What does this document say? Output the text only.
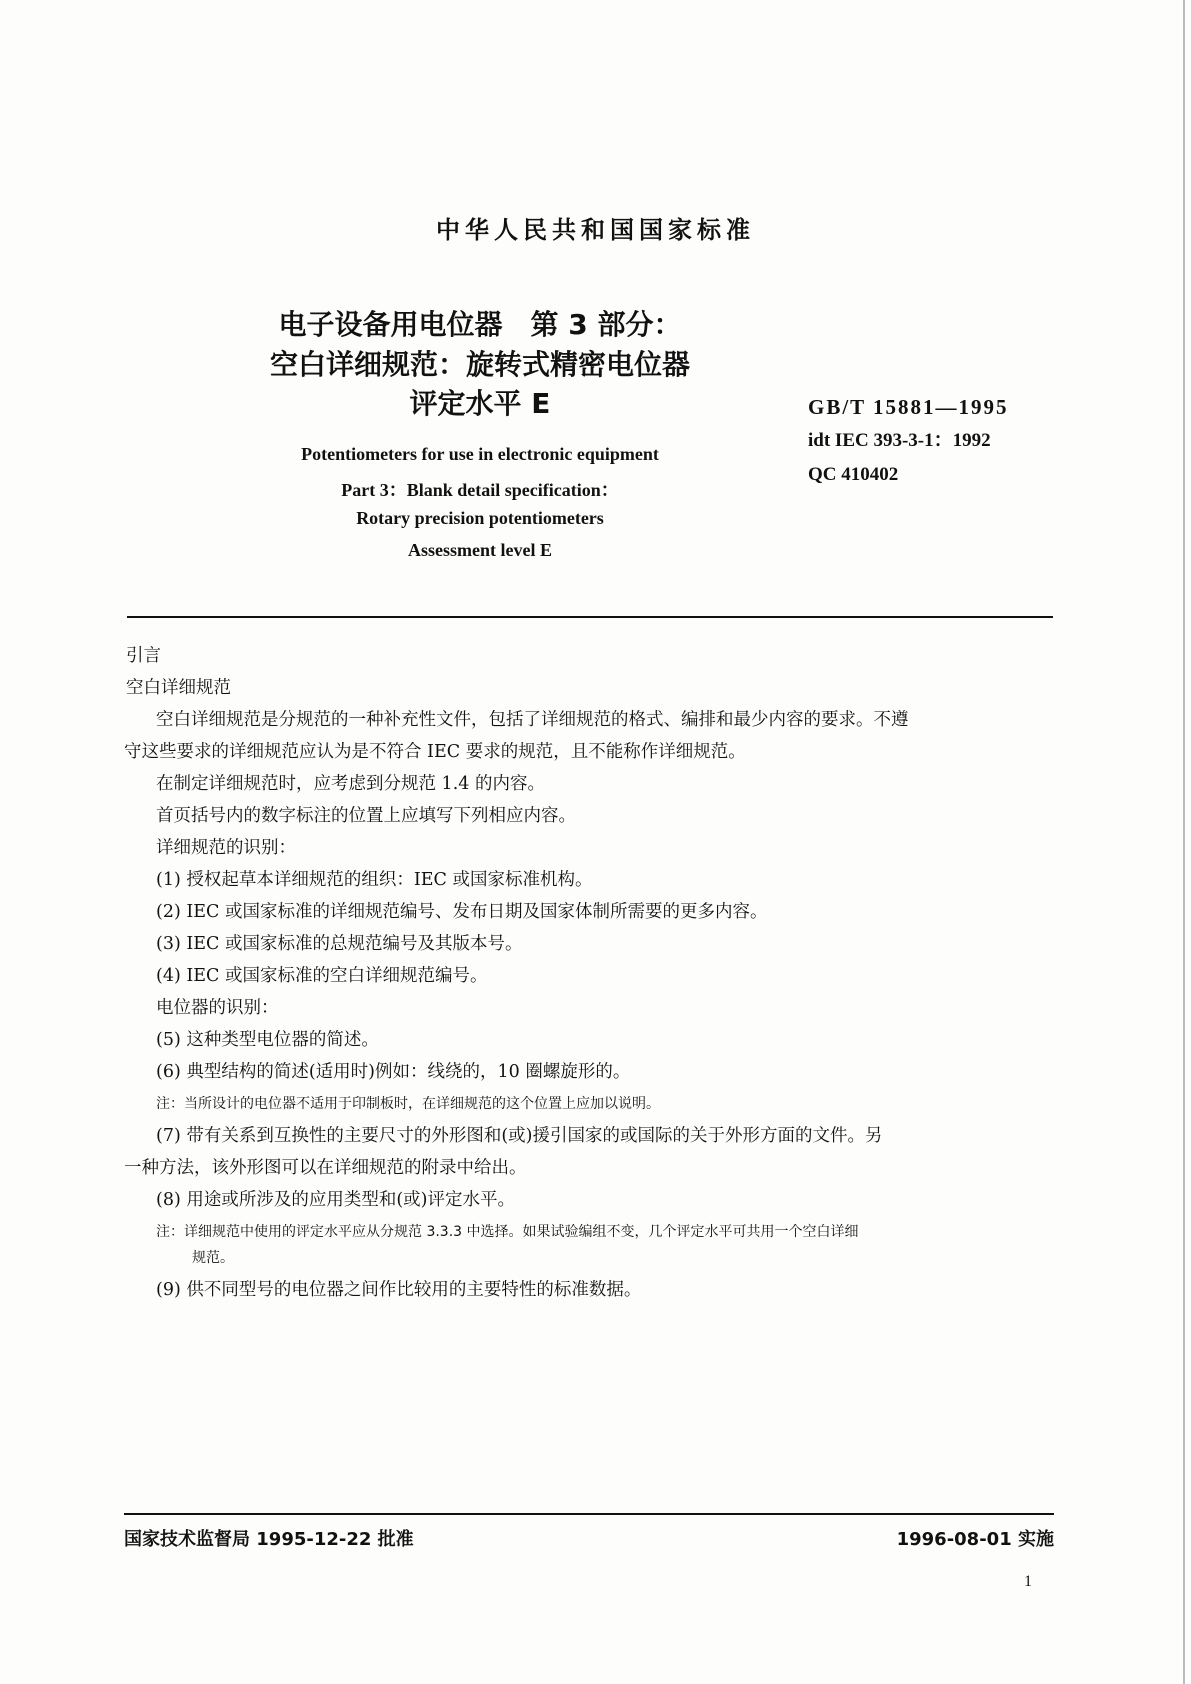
中华人民共和国国家标准
电子设备用电位器　第 3 部分：
空白详细规范：旋转式精密电位器
评定水平 E	GB/T 15881—1995
idt IEC 393-3-1：1992
QC 410402
Potentiometers for use in electronic equipment
Part 3：Blank detail specification：
Rotary precision potentiometers
Assessment level E
引言
空白详细规范
空白详细规范是分规范的一种补充性文件，包括了详细规范的格式、编排和最少内容的要求。不遵
守这些要求的详细规范应认为是不符合 IEC 要求的规范，且不能称作详细规范。
在制定详细规范时，应考虑到分规范 1.4 的内容。
首页括号内的数字标注的位置上应填写下列相应内容。
详细规范的识别：
(1) 授权起草本详细规范的组织：IEC 或国家标准机构。
(2) IEC 或国家标准的详细规范编号、发布日期及国家体制所需要的更多内容。
(3) IEC 或国家标准的总规范编号及其版本号。
(4) IEC 或国家标准的空白详细规范编号。
电位器的识别：
(5) 这种类型电位器的简述。
(6) 典型结构的简述(适用时)例如：线绕的，10 圈螺旋形的。
注：当所设计的电位器不适用于印制板时，在详细规范的这个位置上应加以说明。
(7) 带有关系到互换性的主要尺寸的外形图和(或)援引国家的或国际的关于外形方面的文件。另
一种方法，该外形图可以在详细规范的附录中给出。
(8) 用途或所涉及的应用类型和(或)评定水平。
注：详细规范中使用的评定水平应从分规范 3.3.3 中选择。如果试验编组不变，几个评定水平可共用一个空白详细
规范。
(9) 供不同型号的电位器之间作比较用的主要特性的标准数据。
国家技术监督局 1995-12-22 批准	1996-08-01 实施
1
